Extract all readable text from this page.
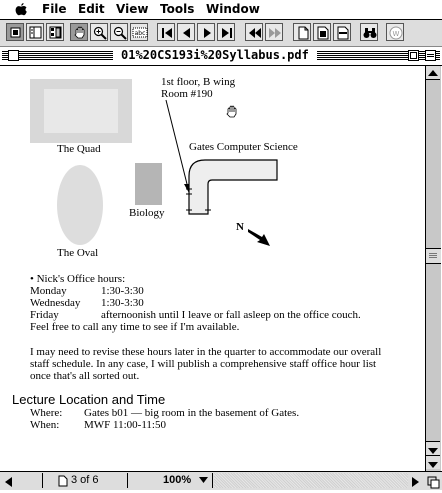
File Edit View Tools Window
abc	W
01%20CS193i%20Syllabus.pdf
The Quad
1st floor, B wing
Room #190
Gates Computer Science
Biology
The Oval
N
• Nick's Office hours:
Monday	1:30-3:30
Wednesday 1:30-3:30
Friday	afternoonish until I leave or fall asleep on the office couch.
Feel free to call any time to see if I'm available.
I may need to revise these hours later in the quarter to accommodate our overall
staff schedule. In any case, I will publish a comprehensive staff office hour list
once that's all sorted out.
Lecture Location and Time
Where: Gates b01 — big room in the basement of Gates.
When: MWF 11:00-11:50
3 of 6	100%
